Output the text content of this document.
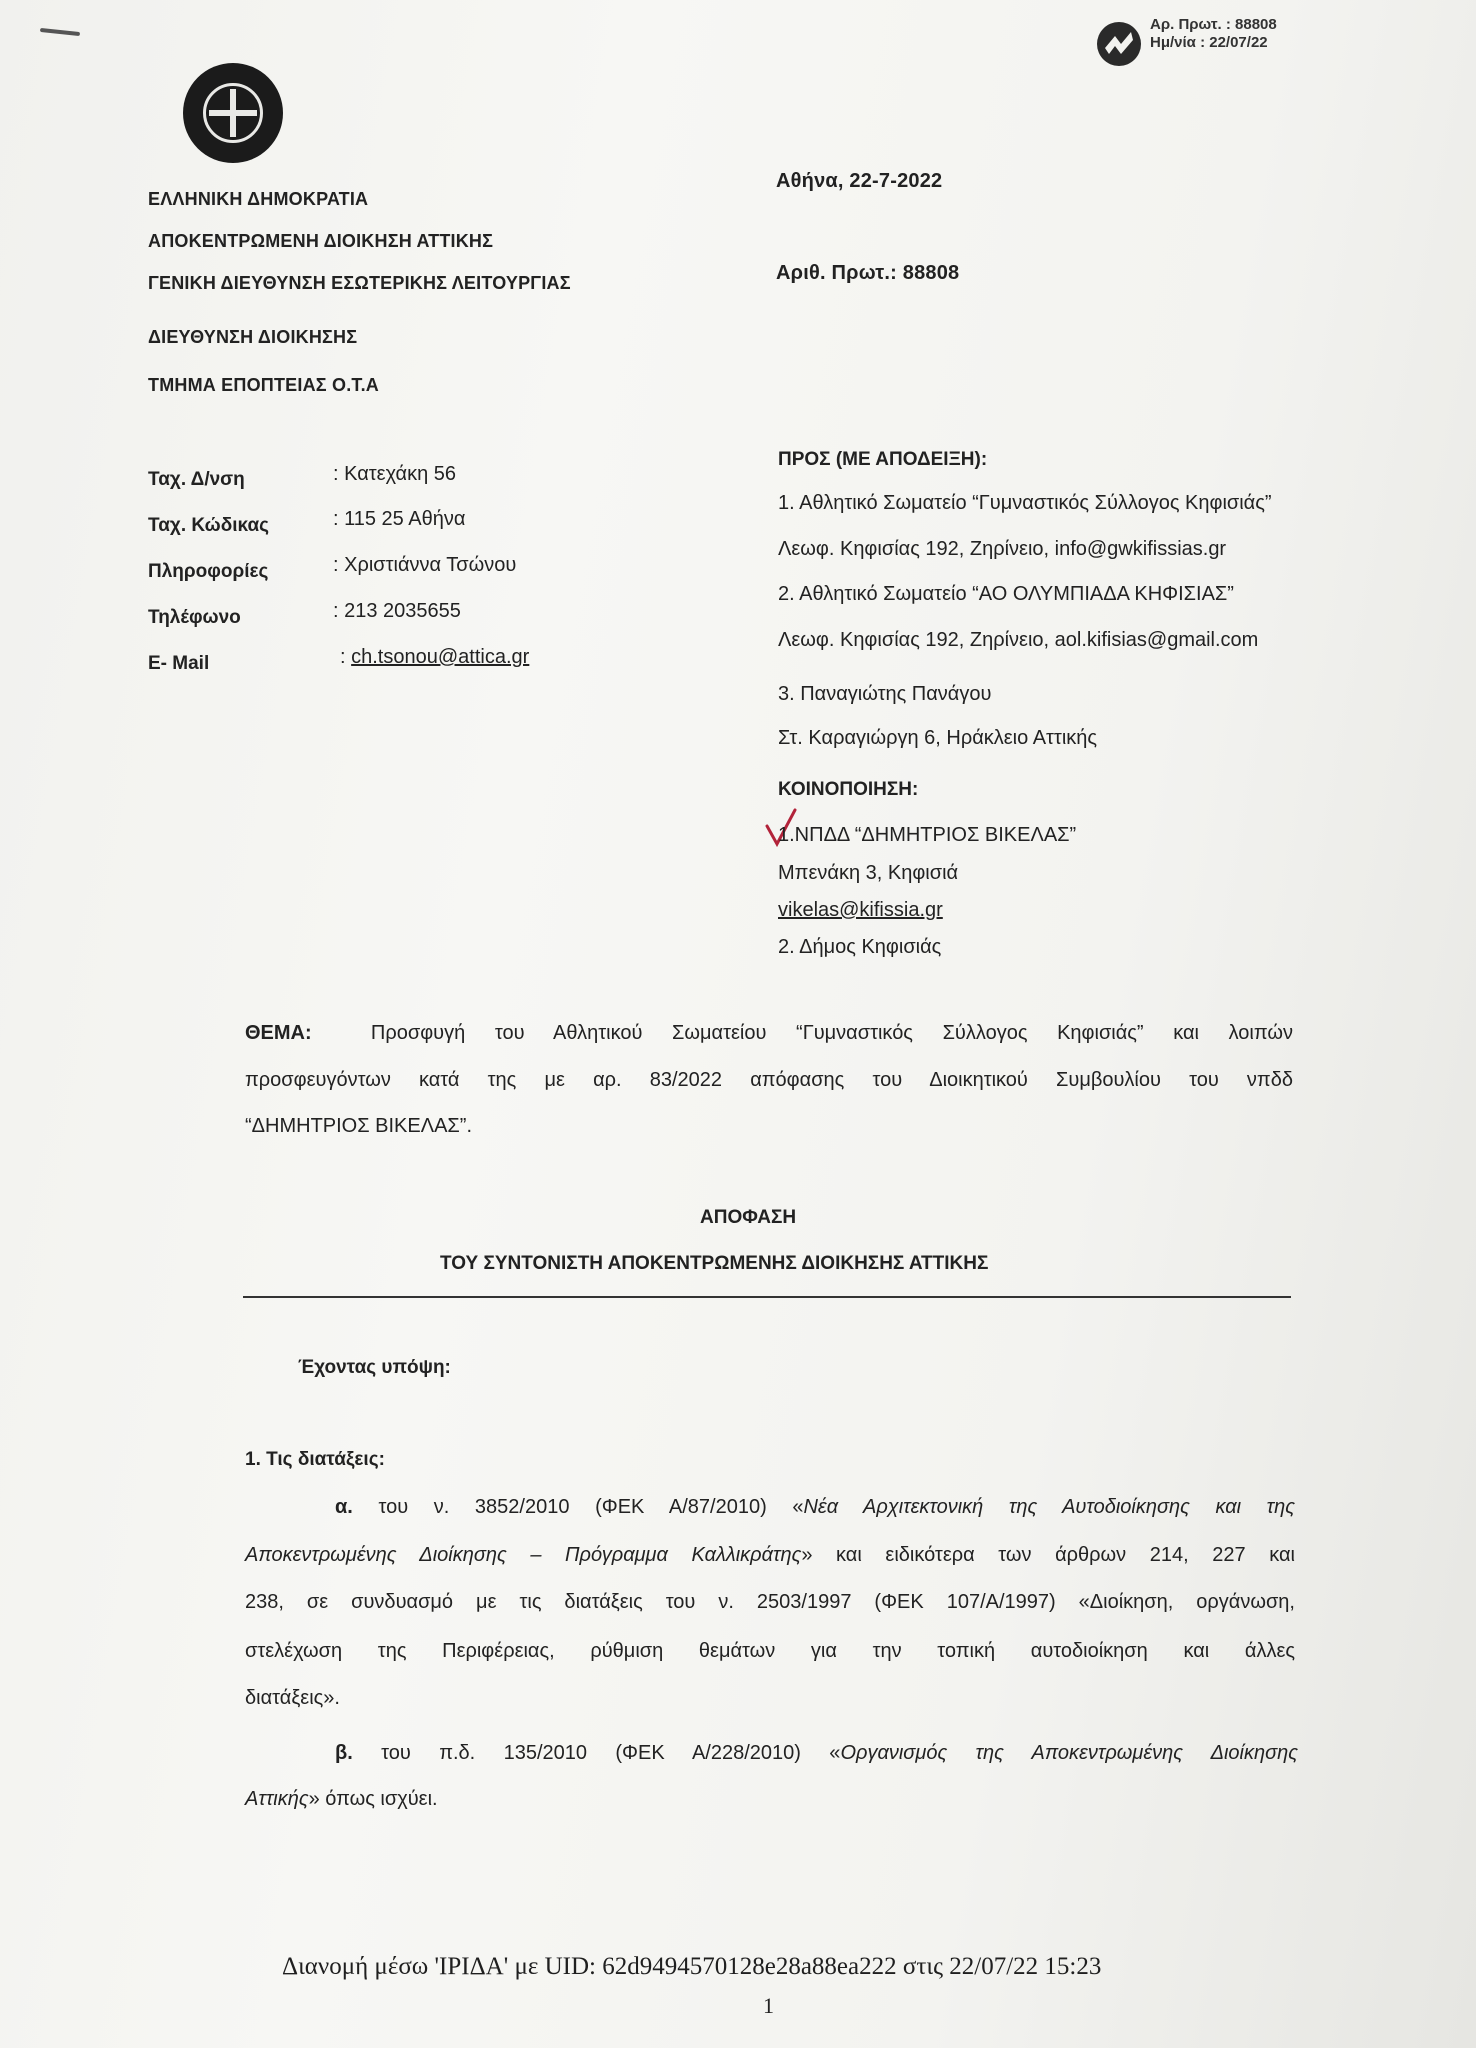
Αρ. Πρωτ. : 88808
Ημ/νία : 22/07/22
ΕΛΛΗΝΙΚΗ ΔΗΜΟΚΡΑΤΙΑ
ΑΠΟΚΕΝΤΡΩΜΕΝΗ ΔΙΟΙΚΗΣΗ ΑΤΤΙΚΗΣ
ΓΕΝΙΚΗ ΔΙΕΥΘΥΝΣΗ ΕΣΩΤΕΡΙΚΗΣ ΛΕΙΤΟΥΡΓΙΑΣ
ΔΙΕΥΘΥΝΣΗ ΔΙΟΙΚΗΣΗΣ
ΤΜΗΜΑ ΕΠΟΠΤΕΙΑΣ Ο.Τ.Α
Αθήνα, 22-7-2022
Αριθ. Πρωτ.: 88808
Ταχ. Δ/νση	: Κατεχάκη 56
Ταχ. Κώδικας	: 115 25 Αθήνα
Πληροφορίες	: Χριστιάννα Τσώνου
Τηλέφωνο	: 213 2035655
E- Mail	: ch.tsonou@attica.gr
ΠΡΟΣ (ΜΕ ΑΠΟΔΕΙΞΗ):
1. Αθλητικό Σωματείο “Γυμναστικός Σύλλογος Κηφισιάς”
Λεωφ. Κηφισίας 192, Ζηρίνειο, info@gwkifissias.gr
2. Αθλητικό Σωματείο “ΑΟ ΟΛΥΜΠΙΑΔΑ ΚΗΦΙΣΙΑΣ”
Λεωφ. Κηφισίας 192, Ζηρίνειο, aol.kifisias@gmail.com
3. Παναγιώτης Πανάγου
Στ. Καραγιώργη 6, Ηράκλειο Αττικής
ΚΟΙΝΟΠΟΙΗΣΗ:
1.ΝΠΔΔ “ΔΗΜΗΤΡΙΟΣ ΒΙΚΕΛΑΣ”
Μπενάκη 3, Κηφισιά
vikelas@kifissia.gr
2. Δήμος Κηφισιάς
ΘΕΜΑ:	Προσφυγή του Αθλητικού Σωματείου “Γυμναστικός Σύλλογος Κηφισιάς” και λοιπών
προσφευγόντων κατά της με αρ. 83/2022 απόφασης του Διοικητικού Συμβουλίου του νπδδ
“ΔΗΜΗΤΡΙΟΣ ΒΙΚΕΛΑΣ”.
ΑΠΟΦΑΣΗ
ΤΟΥ ΣΥΝΤΟΝΙΣΤΗ ΑΠΟΚΕΝΤΡΩΜΕΝΗΣ ΔΙΟΙΚΗΣΗΣ ΑΤΤΙΚΗΣ
Έχοντας υπόψη:
1. Τις διατάξεις:
α. του ν. 3852/2010 (ΦΕΚ Α/87/2010) «Νέα Αρχιτεκτονική της Αυτοδιοίκησης και της
Αποκεντρωμένης Διοίκησης – Πρόγραμμα Καλλικράτης» και ειδικότερα των άρθρων 214, 227 και
238, σε συνδυασμό με τις διατάξεις του ν. 2503/1997 (ΦΕΚ 107/Α/1997) «Διοίκηση, οργάνωση,
στελέχωση της Περιφέρειας, ρύθμιση θεμάτων για την τοπική αυτοδιοίκηση και άλλες
διατάξεις».
β. του π.δ. 135/2010 (ΦΕΚ Α/228/2010) «Οργανισμός της Αποκεντρωμένης Διοίκησης
Αττικής» όπως ισχύει.
Διανομή μέσω 'ΙΡΙΔΑ' με UID: 62d9494570128e28a88ea222 στις 22/07/22 15:23
1
